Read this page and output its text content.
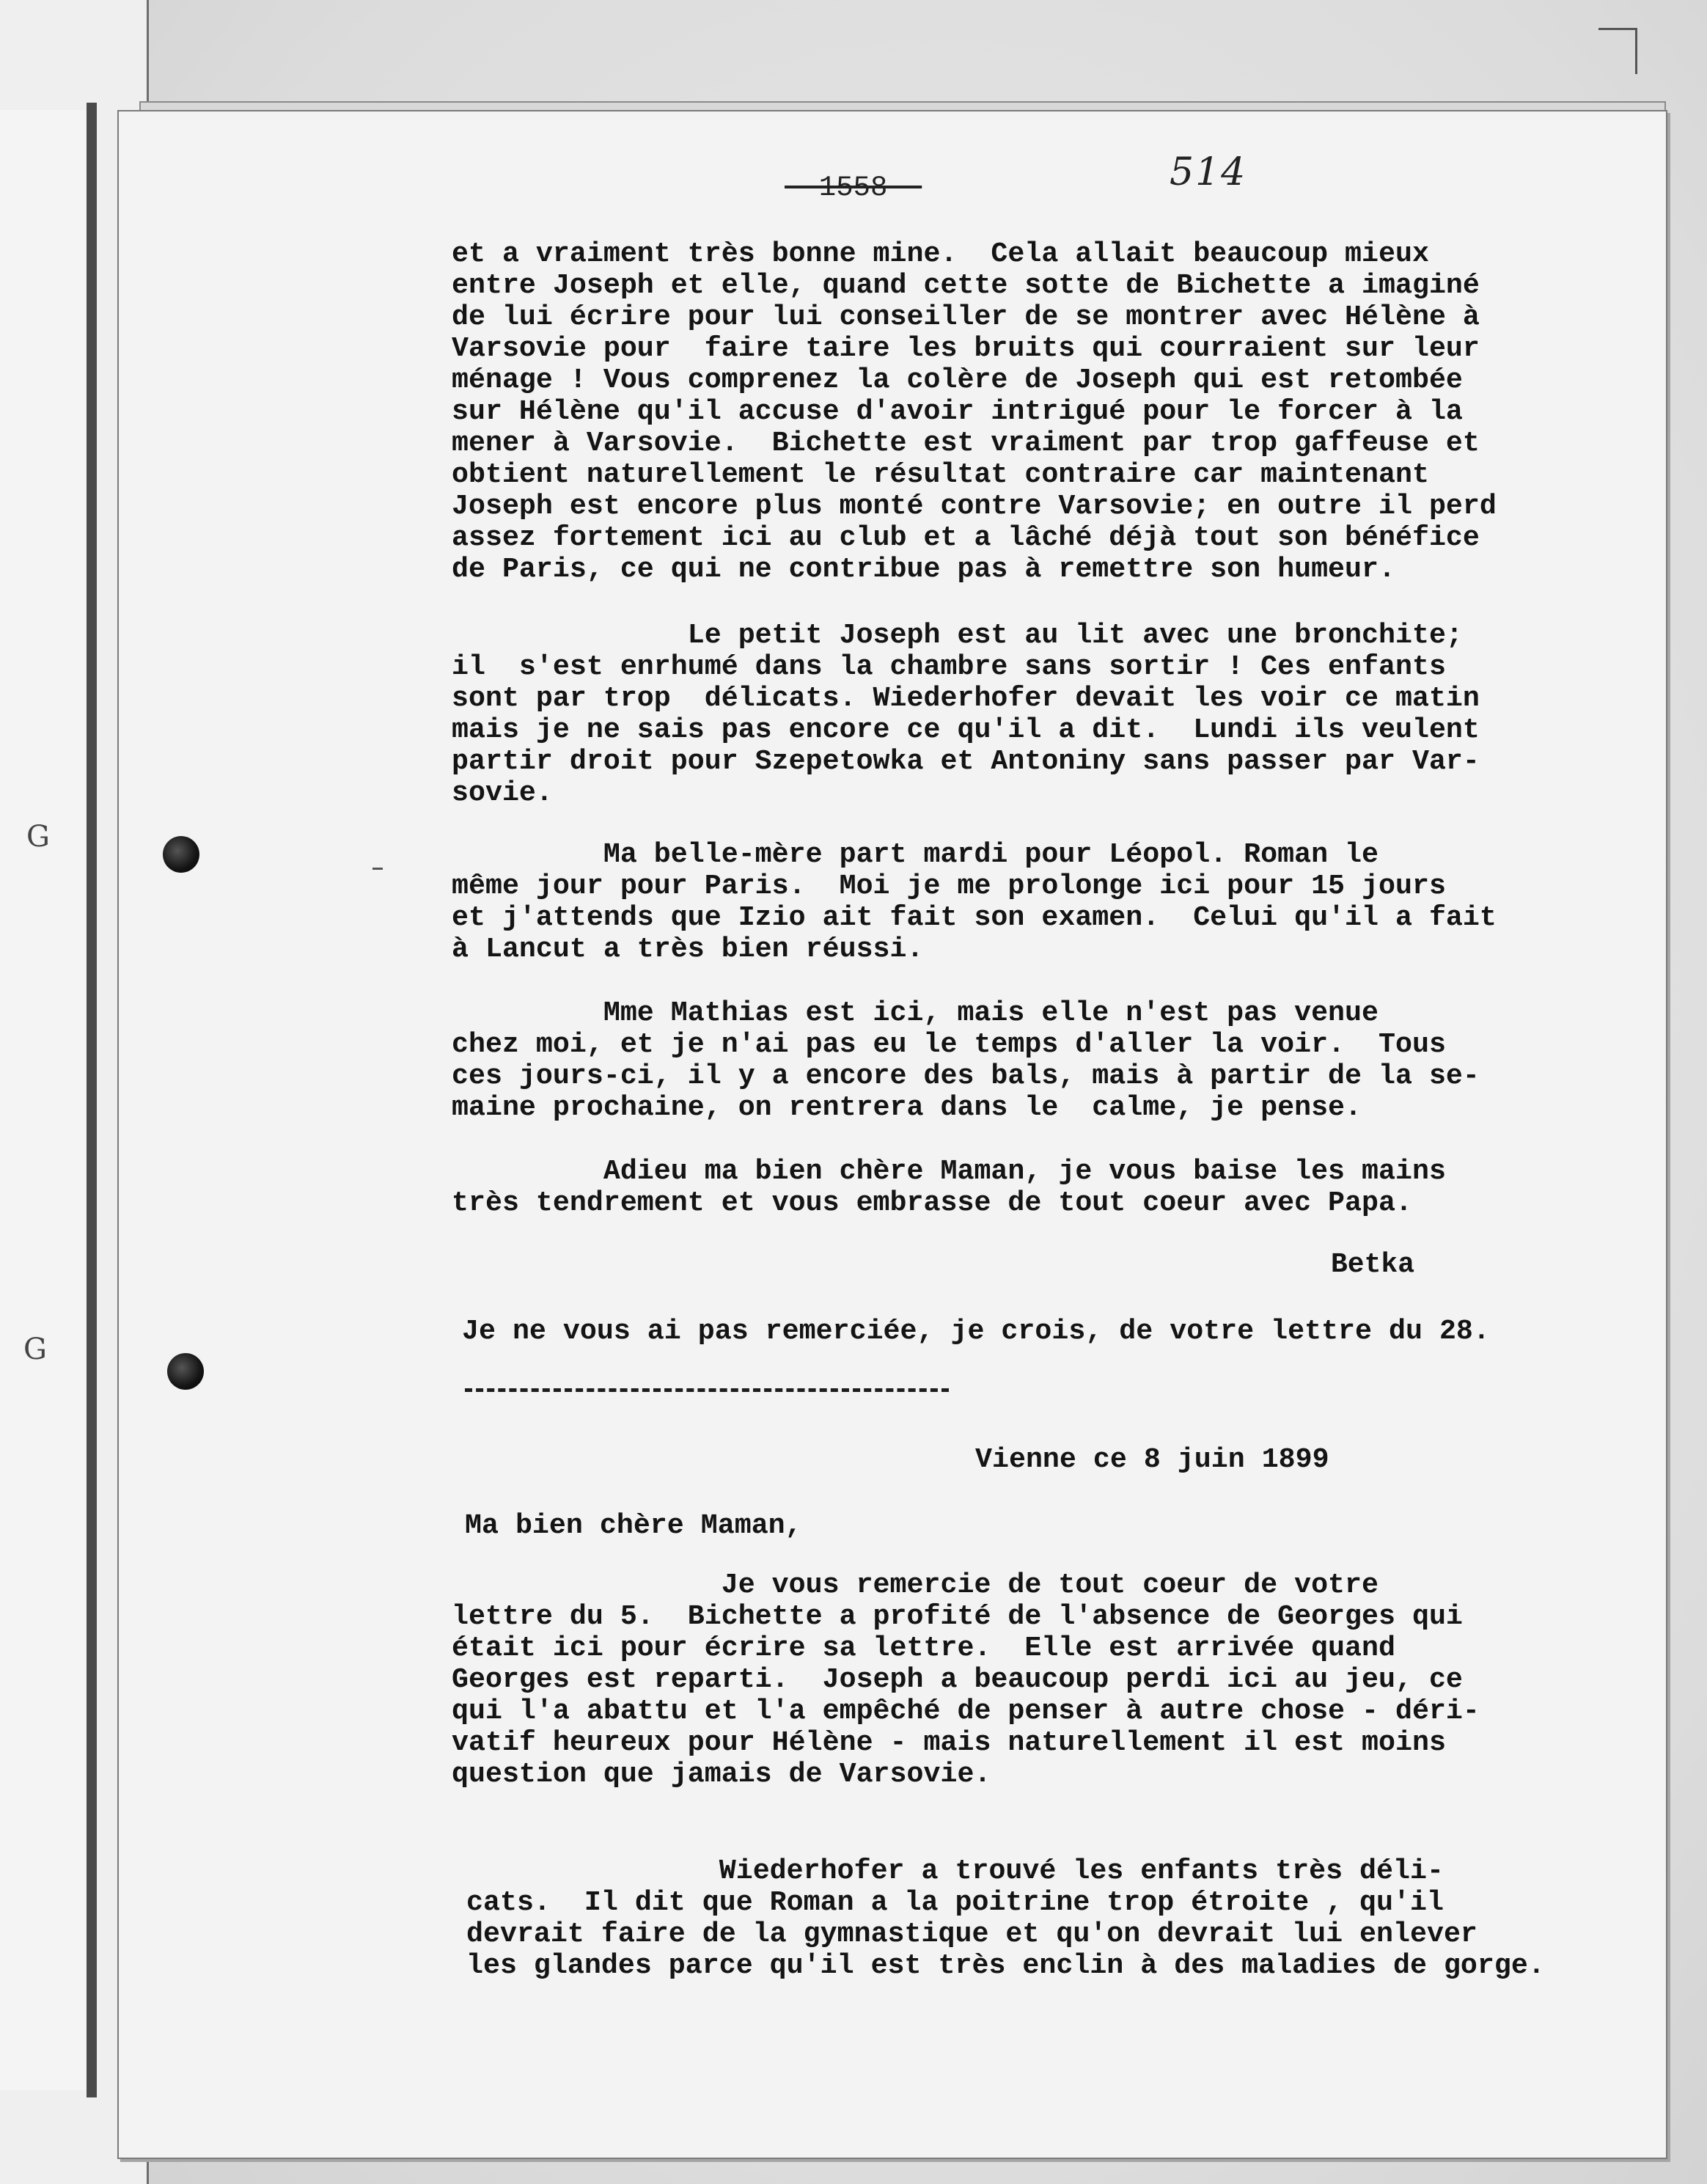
G
G
- 1558 -	514
et a vraiment très bonne mine.  Cela allait beaucoup mieux
entre Joseph et elle, quand cette sotte de Bichette a imaginé
de lui écrire pour lui conseiller de se montrer avec Hélène à
Varsovie pour  faire taire les bruits qui courraient sur leur
ménage ! Vous comprenez la colère de Joseph qui est retombée
sur Hélène qu'il accuse d'avoir intrigué pour le forcer à la
mener à Varsovie.  Bichette est vraiment par trop gaffeuse et
obtient naturellement le résultat contraire car maintenant
Joseph est encore plus monté contre Varsovie; en outre il perd
assez fortement ici au club et a lâché déjà tout son bénéfice
de Paris, ce qui ne contribue pas à remettre son humeur.
Le petit Joseph est au lit avec une bronchite;
il  s'est enrhumé dans la chambre sans sortir ! Ces enfants
sont par trop  délicats. Wiederhofer devait les voir ce matin
mais je ne sais pas encore ce qu'il a dit.  Lundi ils veulent
partir droit pour Szepetowka et Antoniny sans passer par Var-
sovie.
Ma belle-mère part mardi pour Léopol. Roman le
même jour pour Paris.  Moi je me prolonge ici pour 15 jours
et j'attends que Izio ait fait son examen.  Celui qu'il a fait
à Lancut a très bien réussi.
Mme Mathias est ici, mais elle n'est pas venue
chez moi, et je n'ai pas eu le temps d'aller la voir.  Tous
ces jours-ci, il y a encore des bals, mais à partir de la se-
maine prochaine, on rentrera dans le  calme, je pense.
Adieu ma bien chère Maman, je vous baise les mains
très tendrement et vous embrasse de tout coeur avec Papa.
Betka
Je ne vous ai pas remerciée, je crois, de votre lettre du 28.
Vienne ce 8 juin 1899
Ma bien chère Maman,
Je vous remercie de tout coeur de votre
lettre du 5.  Bichette a profité de l'absence de Georges qui
était ici pour écrire sa lettre.  Elle est arrivée quand
Georges est reparti.  Joseph a beaucoup perdi ici au jeu, ce
qui l'a abattu et l'a empêché de penser à autre chose - déri-
vatif heureux pour Hélène - mais naturellement il est moins
question que jamais de Varsovie.
Wiederhofer a trouvé les enfants très déli-
cats.  Il dit que Roman a la poitrine trop étroite , qu'il
devrait faire de la gymnastique et qu'on devrait lui enlever
les glandes parce qu'il est très enclin à des maladies de gorge.
